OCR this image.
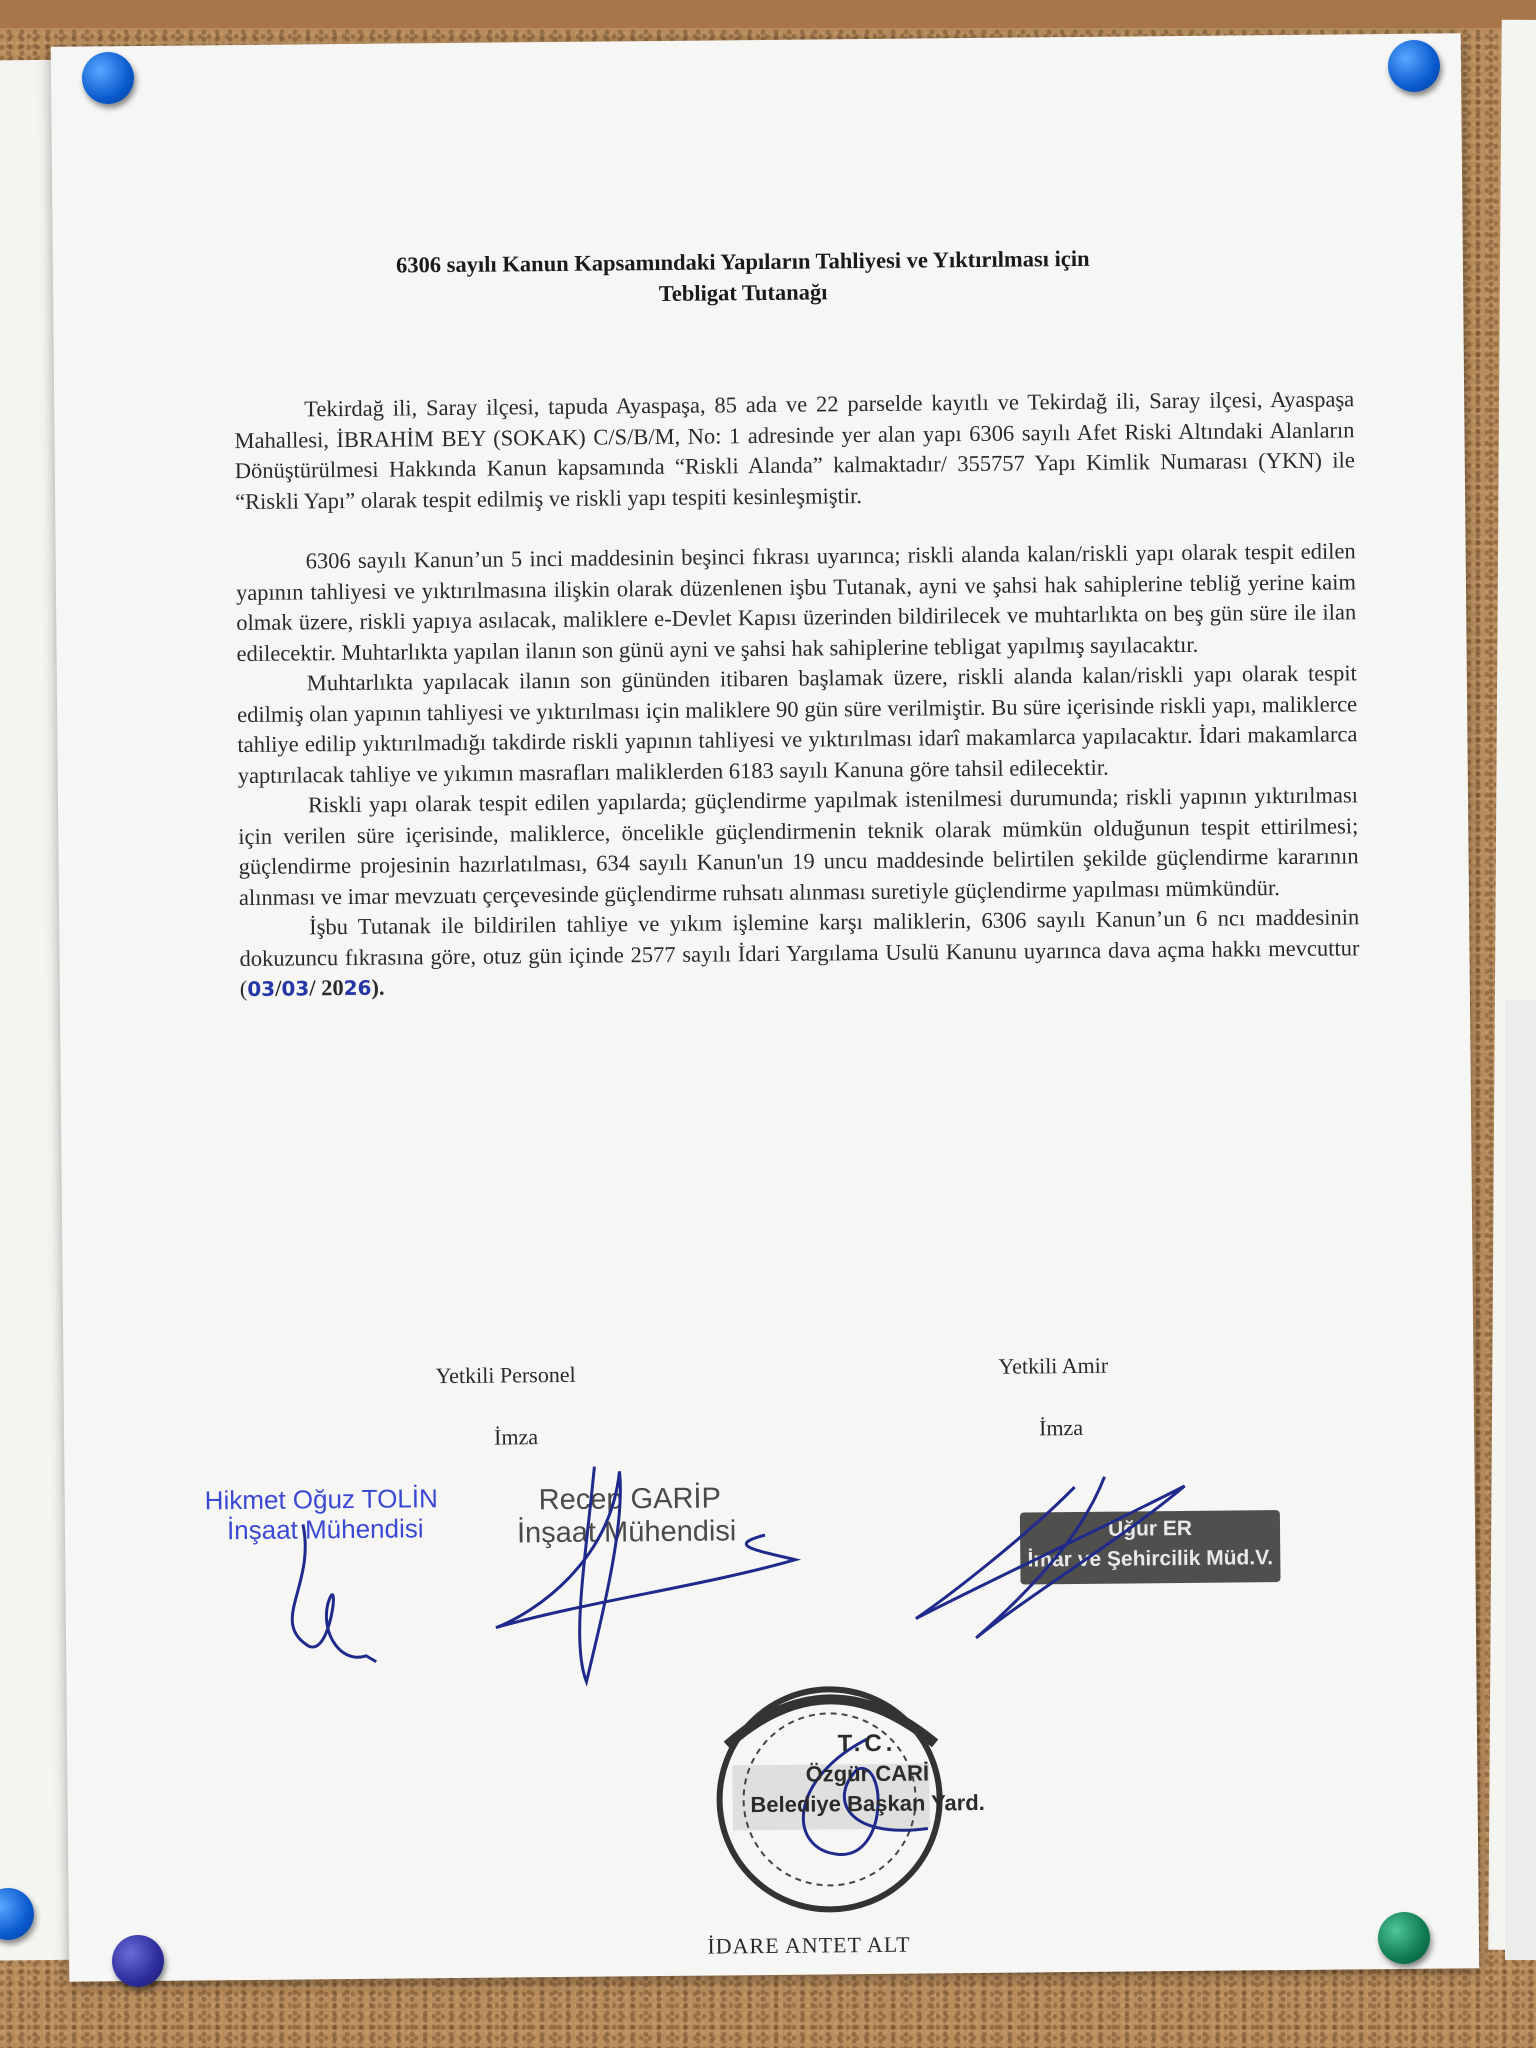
6306 sayılı Kanun Kapsamındaki Yapıların Tahliyesi ve Yıktırılması için
Tebligat Tutanağı

Tekirdağ ili, Saray ilçesi, tapuda Ayaspaşa, 85 ada ve 22 parselde kayıtlı ve Tekirdağ ili, Saray ilçesi, Ayaspaşa Mahallesi, İBRAHİM BEY (SOKAK) C/S/B/M, No: 1 adresinde yer alan yapı 6306 sayılı Afet Riski Altındaki Alanların Dönüştürülmesi Hakkında Kanun kapsamında “Riskli Alanda” kalmaktadır/ 355757 Yapı Kimlik Numarası (YKN) ile “Riskli Yapı” olarak tespit edilmiş ve riskli yapı tespiti kesinleşmiştir.

6306 sayılı Kanun’un 5 inci maddesinin beşinci fıkrası uyarınca; riskli alanda kalan/riskli yapı olarak tespit edilen yapının tahliyesi ve yıktırılmasına ilişkin olarak düzenlenen işbu Tutanak, ayni ve şahsi hak sahiplerine tebliğ yerine kaim olmak üzere, riskli yapıya asılacak, maliklere e-Devlet Kapısı üzerinden bildirilecek ve muhtarlıkta on beş gün süre ile ilan edilecektir. Muhtarlıkta yapılan ilanın son günü ayni ve şahsi hak sahiplerine tebligat yapılmış sayılacaktır.

Muhtarlıkta yapılacak ilanın son gününden itibaren başlamak üzere, riskli alanda kalan/riskli yapı olarak tespit edilmiş olan yapının tahliyesi ve yıktırılması için maliklere 90 gün süre verilmiştir. Bu süre içerisinde riskli yapı, maliklerce tahliye edilip yıktırılmadığı takdirde riskli yapının tahliyesi ve yıktırılması idarî makamlarca yapılacaktır. İdari makamlarca yaptırılacak tahliye ve yıkımın masrafları maliklerden 6183 sayılı Kanuna göre tahsil edilecektir.

Riskli yapı olarak tespit edilen yapılarda; güçlendirme yapılmak istenilmesi durumunda; riskli yapının yıktırılması için verilen süre içerisinde, maliklerce, öncelikle güçlendirmenin teknik olarak mümkün olduğunun tespit ettirilmesi; güçlendirme projesinin hazırlatılması, 634 sayılı Kanun'un 19 uncu maddesinde belirtilen şekilde güçlendirme kararının alınması ve imar mevzuatı çerçevesinde güçlendirme ruhsatı alınması suretiyle güçlendirme yapılması mümkündür.

İşbu Tutanak ile bildirilen tahliye ve yıkım işlemine karşı maliklerin, 6306 sayılı Kanun’un 6 ncı maddesinin dokuzuncu fıkrasına göre, otuz gün içinde 2577 sayılı İdari Yargılama Usulü Kanunu uyarınca dava açma hakkı mevcuttur (03/03/ 2026).

Yetkili Personel	Yetkili Amir
İmza	İmza
Hikmet Oğuz TOLİN
İnşaat Mühendisi
Recep GARİP
İnşaat Mühendisi	Uğur ER
İmar ve Şehircilik Müd.V.
T.C.
Özgür CARİ
Belediye Başkan Yard.
İDARE ANTET ALT
